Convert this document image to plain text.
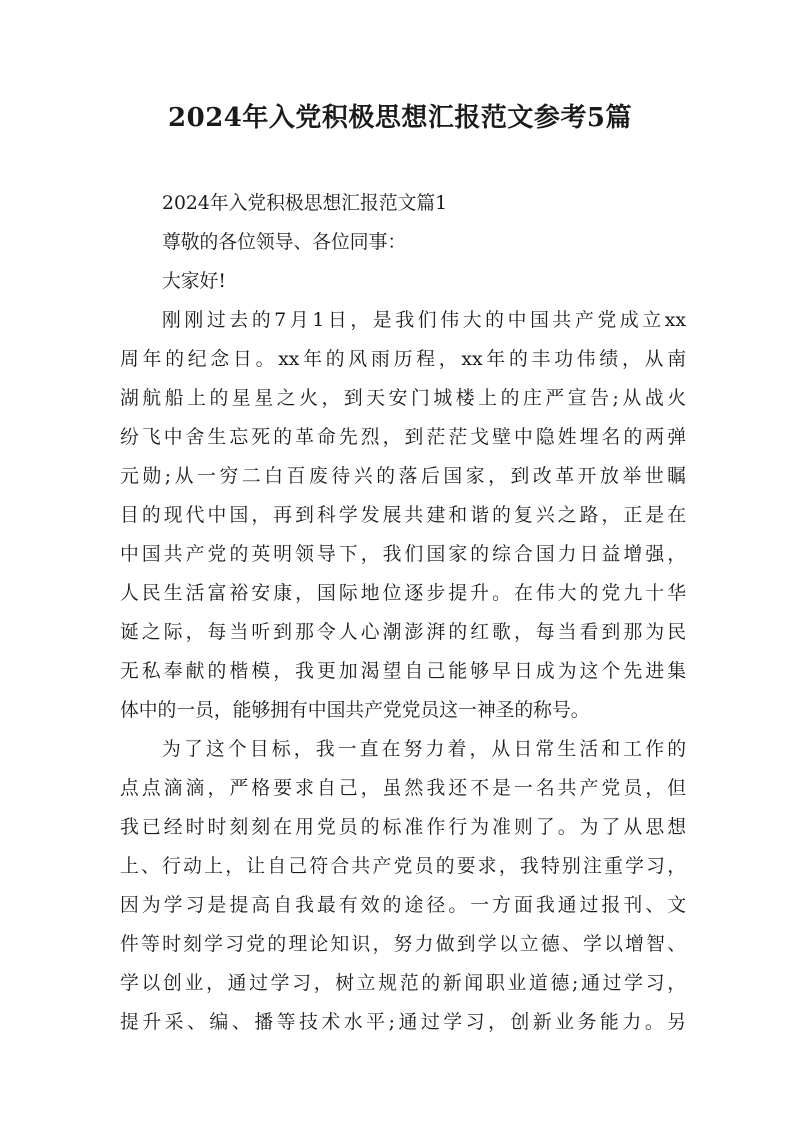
2024年入党积极思想汇报范文参考5篇

2024年入党积极思想汇报范文篇1

尊敬的各位领导、各位同事：

大家好!

刚刚过去的7月1日，是我们伟大的中国共产党成立xx

周年的纪念日。xx年的风雨历程，xx年的丰功伟绩，从南

湖航船上的星星之火，到天安门城楼上的庄严宣告;从战火

纷飞中舍生忘死的革命先烈，到茫茫戈壁中隐姓埋名的两弹

元勋;从一穷二白百废待兴的落后国家，到改革开放举世瞩

目的现代中国，再到科学发展共建和谐的复兴之路，正是在

中国共产党的英明领导下，我们国家的综合国力日益增强，

人民生活富裕安康，国际地位逐步提升。在伟大的党九十华

诞之际，每当听到那令人心潮澎湃的红歌，每当看到那为民

无私奉献的楷模，我更加渴望自己能够早日成为这个先进集

体中的一员，能够拥有中国共产党党员这一神圣的称号。

为了这个目标，我一直在努力着，从日常生活和工作的

点点滴滴，严格要求自己，虽然我还不是一名共产党员，但

我已经时时刻刻在用党员的标准作行为准则了。为了从思想

上、行动上，让自己符合共产党员的要求，我特别注重学习，

因为学习是提高自我最有效的途径。一方面我通过报刊、文

件等时刻学习党的理论知识，努力做到学以立德、学以增智、

学以创业，通过学习，树立规范的新闻职业道德;通过学习，

提升采、编、播等技术水平;通过学习，创新业务能力。另
